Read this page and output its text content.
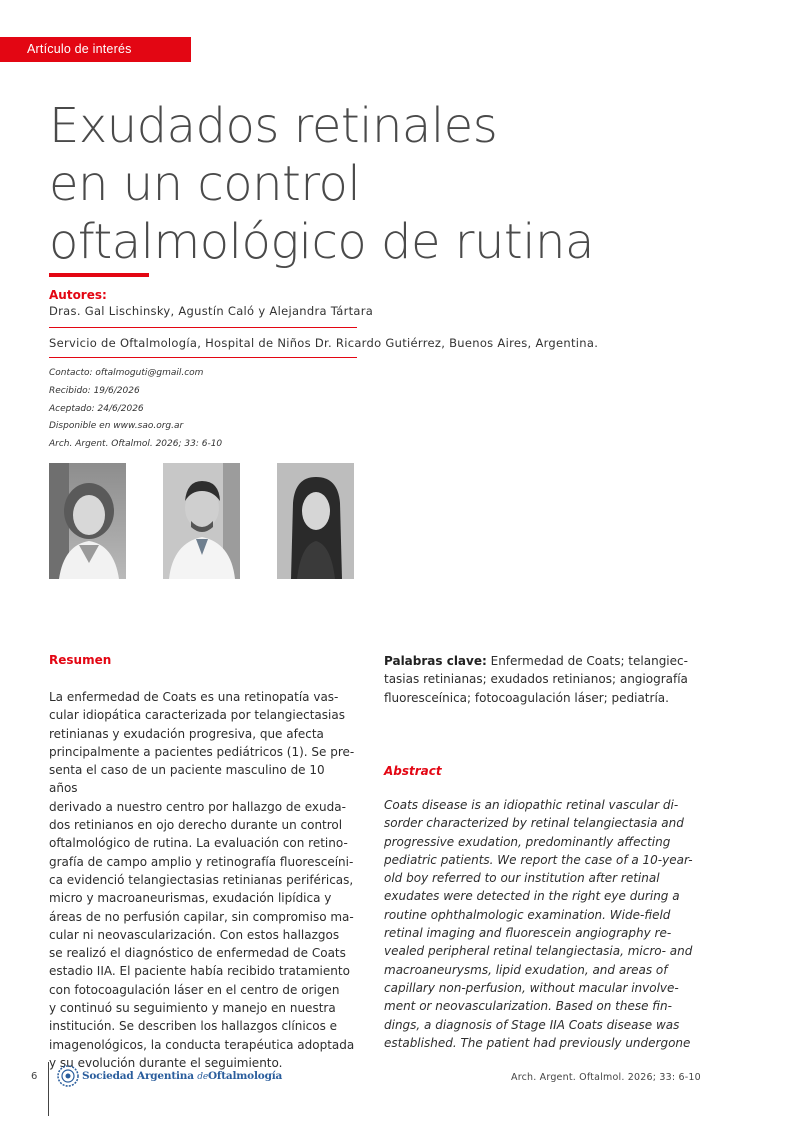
Artículo de interés
Exudados retinales
en un control
oftalmológico de rutina
Autores:
Dras. Gal Lischinsky, Agustín Caló y Alejandra Tártara
Servicio de Oftalmología, Hospital de Niños Dr. Ricardo Gutiérrez, Buenos Aires, Argentina.
Contacto: oftalmoguti@gmail.com
Recibido: 19/6/2026
Aceptado: 24/6/2026
Disponible en www.sao.org.ar
Arch. Argent. Oftalmol. 2026; 33: 6-10
Resumen
La enfermedad de Coats es una retinopatía vas-
cular idiopática caracterizada por telangiectasias
retinianas y exudación progresiva, que afecta
principalmente a pacientes pediátricos (1). Se pre-
senta el caso de un paciente masculino de 10 años
derivado a nuestro centro por hallazgo de exuda-
dos retinianos en ojo derecho durante un control
oftalmológico de rutina. La evaluación con retino-
grafía de campo amplio y retinografía fluoresceíni-
ca evidenció telangiectasias retinianas periféricas,
micro y macroaneurismas, exudación lipídica y
áreas de no perfusión capilar, sin compromiso ma-
cular ni neovascularización. Con estos hallazgos
se realizó el diagnóstico de enfermedad de Coats
estadio IIA. El paciente había recibido tratamiento
con fotocoagulación láser en el centro de origen
y continuó su seguimiento y manejo en nuestra
institución. Se describen los hallazgos clínicos e
imagenológicos, la conducta terapéutica adoptada
y su evolución durante el seguimiento.
Palabras clave: Enfermedad de Coats; telangiec-
tasias retinianas; exudados retinianos; angiografía
fluoresceínica; fotocoagulación láser; pediatría.
Abstract
Coats disease is an idiopathic retinal vascular di-
sorder characterized by retinal telangiectasia and
progressive exudation, predominantly affecting
pediatric patients. We report the case of a 10-year-
old boy referred to our institution after retinal
exudates were detected in the right eye during a
routine ophthalmologic examination. Wide-field
retinal imaging and fluorescein angiography re-
vealed peripheral retinal telangiectasia, micro- and
macroaneurysms, lipid exudation, and areas of
capillary non-perfusion, without macular involve-
ment or neovascularization. Based on these fin-
dings, a diagnosis of Stage IIA Coats disease was
established. The patient had previously undergone
6	Sociedad Argentina deOftalmología	Arch. Argent. Oftalmol. 2026; 33: 6-10
